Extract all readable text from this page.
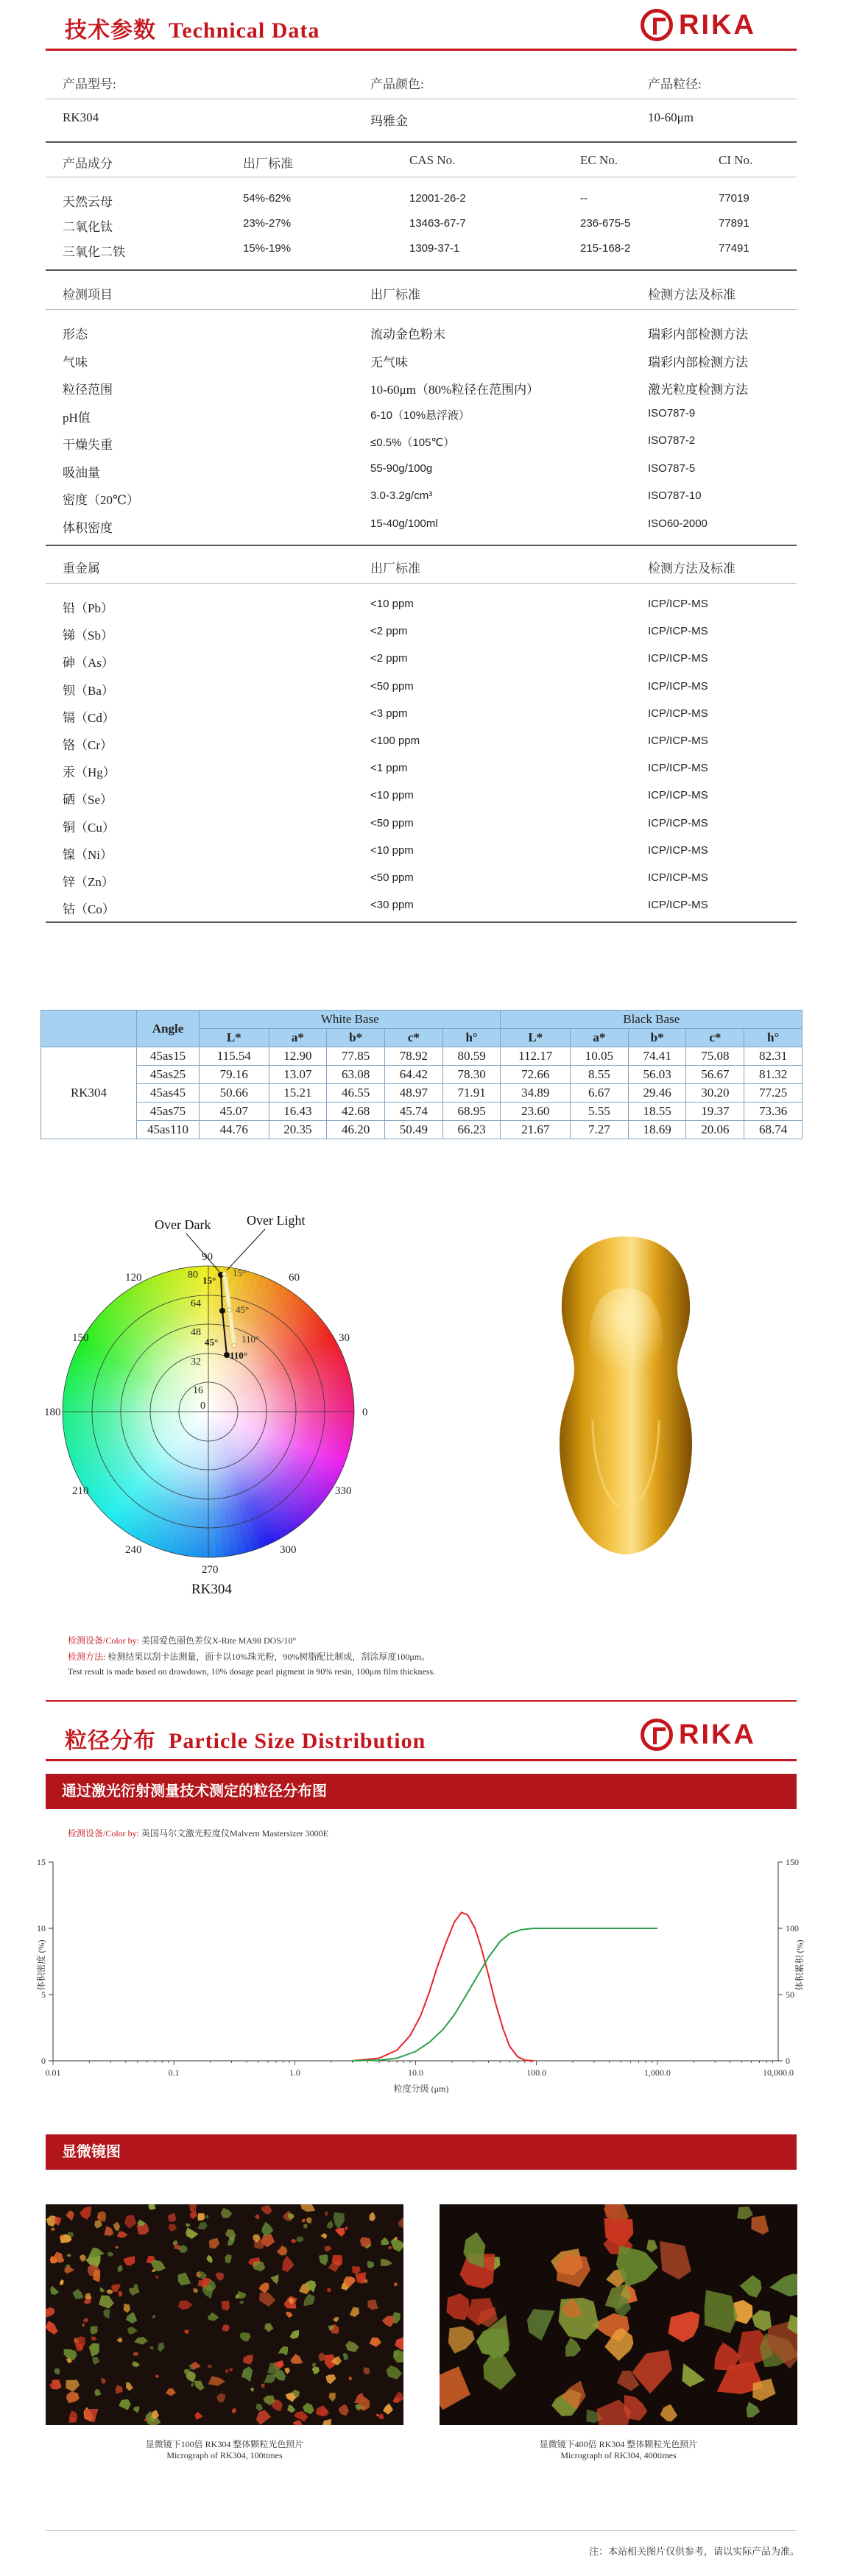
技术参数 Technical Data	RIKA
产品型号:	产品颜色:	产品粒径:
RK304	玛雅金	10-60μm
产品成分	出厂标准	CAS No.	EC No.	CI No.
天然云母	54%-62%	12001-26-2	--	77019
二氧化钛	23%-27%	13463-67-7	236-675-5	77891
三氧化二铁	15%-19%	1309-37-1	215-168-2	77491
检测项目	出厂标准	检测方法及标准
形态	流动金色粉末	瑞彩内部检测方法
气味	无气味	瑞彩内部检测方法
粒径范围	10-60μm（80%粒径在范围内）	激光粒度检测方法
pH值	6-10（10%悬浮液）	ISO787-9
干燥失重	≤0.5%（105℃）	ISO787-2
吸油量	55-90g/100g	ISO787-5
密度（20℃）	3.0-3.2g/cm³	ISO787-10
体积密度	15-40g/100ml	ISO60-2000
重金属	出厂标准	检测方法及标准
铅（Pb）	<10 ppm	ICP/ICP-MS
锑（Sb）	<2 ppm	ICP/ICP-MS
砷（As）	<2 ppm	ICP/ICP-MS
钡（Ba）	<50 ppm	ICP/ICP-MS
镉（Cd）	<3 ppm	ICP/ICP-MS
铬（Cr）	<100 ppm	ICP/ICP-MS
汞（Hg）	<1 ppm	ICP/ICP-MS
硒（Se）	<10 ppm	ICP/ICP-MS
铜（Cu）	<50 ppm	ICP/ICP-MS
镍（Ni）	<10 ppm	ICP/ICP-MS
锌（Zn）	<50 ppm	ICP/ICP-MS
钴（Co）	<30 ppm	ICP/ICP-MS
	Angle	White Base					Black Base				
		L*	a*	b*	c*	h°	L*	a*	b*	c*	h°
RK304	45as15	115.54	12.90	77.85	78.92	80.59	112.17	10.05	74.41	75.08	82.31
	45as25	79.16	13.07	63.08	64.42	78.30	72.66	8.55	56.03	56.67	81.32
	45as45	50.66	15.21	46.55	48.97	71.91	34.89	6.67	29.46	30.20	77.25
	45as75	45.07	16.43	42.68	45.74	68.95	23.60	5.55	18.55	19.37	73.36
	45as110	44.76	20.35	46.20	50.49	66.23	21.67	7.27	18.69	20.06	68.74
90
120
150
180
210
240
270
300
330
0
30
60
80
64
48
32
16
0
15°
45°
110°
15°
45°
110°
Over Dark	Over Light
RK304
检测设备/Color by: 美国爱色丽色差仪X-Rite MA98 DOS/10°
检测方法: 检测结果以刮卡法测量，面卡以10%珠光粉，90%树脂配比制成，刮涂厚度100μm。
Test result is made based on drawdown, 10% dosage pearl pigment in 90% resin, 100μm film thickness.
粒径分布 Particle Size Distribution	RIKA
通过激光衍射测量技术测定的粒径分布图
检测设备/Color by: 英国马尔文激光粒度仪Malvern Mastersizer 3000E
0.01	0.1	1.0	10.0	100.0	1,000.0	10,000.0
0
5
10
15
0
50
100
150
体积密度 (%)	体积累积 (%)
粒度分级 (μm)
显微镜图
显微镜下100倍 RK304 整体颗粒光色照片
Micrograph of RK304, 100times
显微镜下400倍 RK304 整体颗粒光色照片
Micrograph of RK304, 400times
注：本站相关图片仅供参考，请以实际产品为准。
